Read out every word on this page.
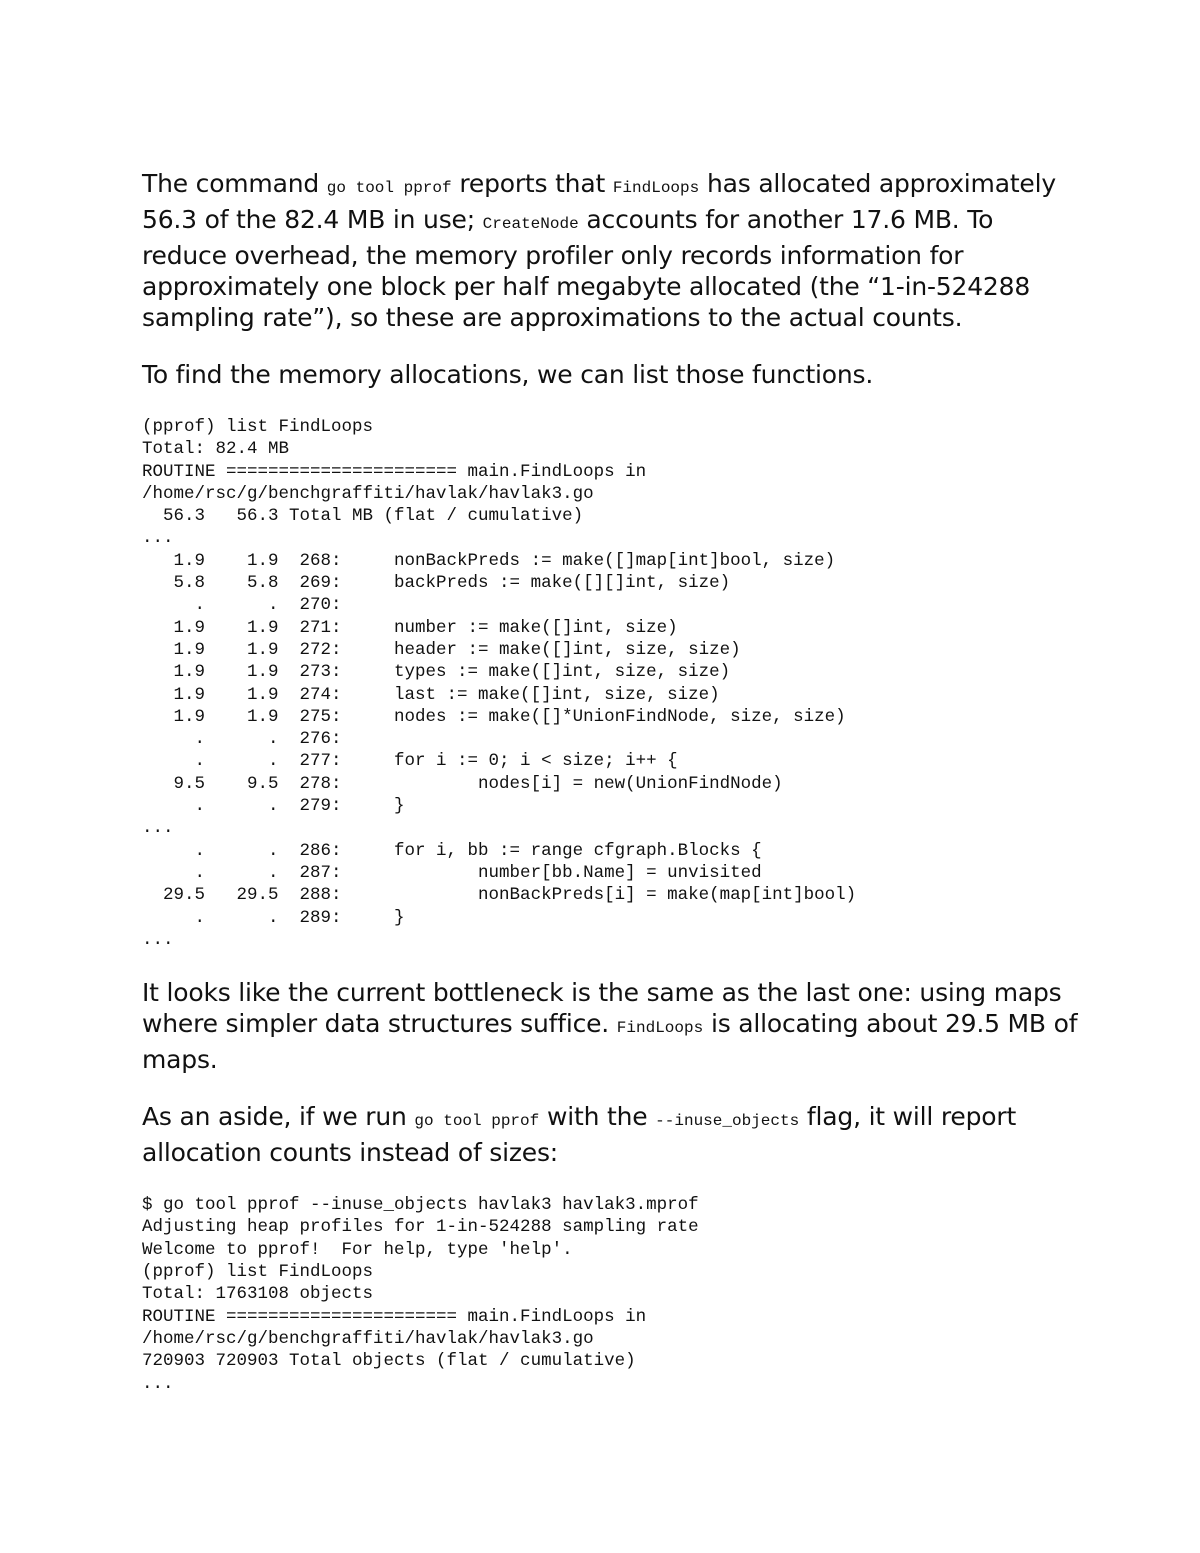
The command go tool pprof reports that FindLoops has allocated approximately 56.3 of the 82.4 MB in use; CreateNode accounts for another 17.6 MB. To reduce overhead, the memory profiler only records information for approximately one block per half megabyte allocated (the “1-in-524288 sampling rate”), so these are approximations to the actual counts.

To find the memory allocations, we can list those functions.

(pprof) list FindLoops
Total: 82.4 MB
ROUTINE ====================== main.FindLoops in
/home/rsc/g/benchgraffiti/havlak/havlak3.go
56.3   56.3 Total MB (flat / cumulative)
...
1.9    1.9  268:     nonBackPreds := make([]map[int]bool, size)
5.8    5.8  269:     backPreds := make([][]int, size)
.      .  270:
1.9    1.9  271:     number := make([]int, size)
1.9    1.9  272:     header := make([]int, size, size)
1.9    1.9  273:     types := make([]int, size, size)
1.9    1.9  274:     last := make([]int, size, size)
1.9    1.9  275:     nodes := make([]*UnionFindNode, size, size)
.      .  276:
.      .  277:     for i := 0; i < size; i++ {
9.5    9.5  278:             nodes[i] = new(UnionFindNode)
.      .  279:     }
...
.      .  286:     for i, bb := range cfgraph.Blocks {
.      .  287:             number[bb.Name] = unvisited
29.5   29.5  288:             nonBackPreds[i] = make(map[int]bool)
.      .  289:     }
...

It looks like the current bottleneck is the same as the last one: using maps where simpler data structures suffice. FindLoops is allocating about 29.5 MB of maps.

As an aside, if we run go tool pprof with the --inuse_objects flag, it will report allocation counts instead of sizes:

$ go tool pprof --inuse_objects havlak3 havlak3.mprof
Adjusting heap profiles for 1-in-524288 sampling rate
Welcome to pprof!  For help, type 'help'.
(pprof) list FindLoops
Total: 1763108 objects
ROUTINE ====================== main.FindLoops in
/home/rsc/g/benchgraffiti/havlak/havlak3.go
720903 720903 Total objects (flat / cumulative)
...
